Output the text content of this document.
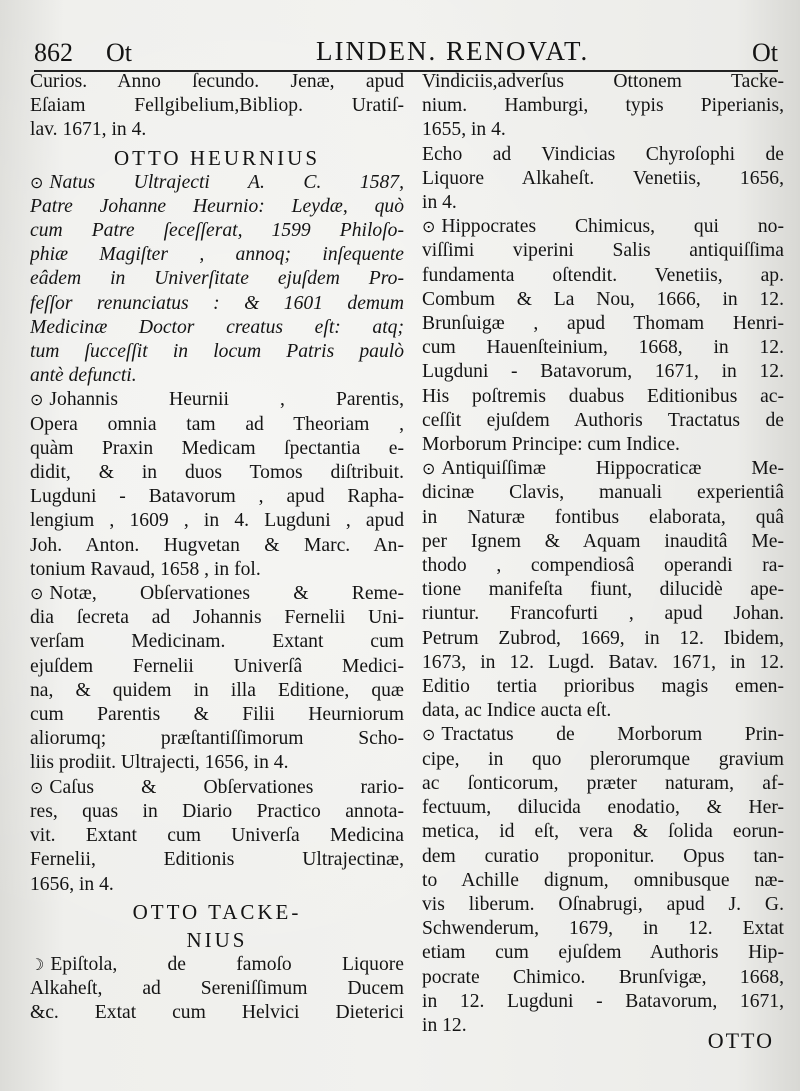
862 Ot	LINDEN. RENOVAT.	Ot
Curios. Anno ſecundo. Jenæ, apud
Eſaiam Fellgibelium,Bibliop. Uratiſ-
lav. 1671, in 4.
OTTO HEURNIUS
⊙ Natus Ultrajecti A. C. 1587,
Patre Johanne Heurnio: Leydæ, quò
cum Patre ſeceſſerat, 1599 Philoſo-
phiæ Magiſter , annoq; inſequente
eâdem in Univerſitate ejuſdem Pro-
feſſor renunciatus : & 1601 demum
Medicinæ Doctor creatus eſt: atq;
tum ſucceſſit in locum Patris paulò
antè defuncti.
⊙ Johannis Heurnii , Parentis,
Opera omnia tam ad Theoriam ,
quàm Praxin Medicam ſpectantia e-
didit, & in duos Tomos diſtribuit.
Lugduni - Batavorum , apud Rapha-
lengium , 1609 , in 4. Lugduni , apud
Joh. Anton. Hugvetan & Marc. An-
tonium Ravaud, 1658 , in fol.
⊙ Notæ, Obſervationes & Reme-
dia ſecreta ad Johannis Fernelii Uni-
verſam Medicinam. Extant cum
ejuſdem Fernelii Univerſâ Medici-
na, & quidem in illa Editione, quæ
cum Parentis & Filii Heurniorum
aliorumq; præſtantiſſimorum Scho-
liis prodiit. Ultrajecti, 1656, in 4.
⊙ Caſus & Obſervationes rario-
res, quas in Diario Practico annota-
vit. Extant cum Univerſa Medicina
Fernelii, Editionis Ultrajectinæ,
1656, in 4.
OTTO TACKE-
NIUS
☽ Epiſtola, de famoſo Liquore
Alkaheſt, ad Sereniſſimum Ducem
&c. Extat cum Helvici Dieterici
Vindiciis,adverſus Ottonem Tacke-
nium. Hamburgi, typis Piperianis,
1655, in 4.
Echo ad Vindicias Chyroſophi de
Liquore Alkaheſt. Venetiis, 1656,
in 4.
⊙ Hippocrates Chimicus, qui no-
viſſimi viperini Salis antiquiſſima
fundamenta oſtendit. Venetiis, ap.
Combum & La Nou, 1666, in 12.
Brunſuigæ , apud Thomam Henri-
cum Hauenſteinium, 1668, in 12.
Lugduni - Batavorum, 1671, in 12.
His poſtremis duabus Editionibus ac-
ceſſit ejuſdem Authoris Tractatus de
Morborum Principe: cum Indice.
⊙ Antiquiſſimæ Hippocraticæ Me-
dicinæ Clavis, manuali experientiâ
in Naturæ fontibus elaborata, quâ
per Ignem & Aquam inauditâ Me-
thodo , compendiosâ operandi ra-
tione manifeſta fiunt, dilucidè ape-
riuntur. Francofurti , apud Johan.
Petrum Zubrod, 1669, in 12. Ibidem,
1673, in 12. Lugd. Batav. 1671, in 12.
Editio tertia prioribus magis emen-
data, ac Indice aucta eſt.
⊙ Tractatus de Morborum Prin-
cipe, in quo plerorumque gravium
ac ſonticorum, præter naturam, af-
fectuum, dilucida enodatio, & Her-
metica, id eſt, vera & ſolida eorun-
dem curatio proponitur. Opus tan-
to Achille dignum, omnibusque næ-
vis liberum. Oſnabrugi, apud J. G.
Schwenderum, 1679, in 12. Extat
etiam cum ejuſdem Authoris Hip-
pocrate Chimico. Brunſvigæ, 1668,
in 12. Lugduni - Batavorum, 1671,
in 12.
OTTO
